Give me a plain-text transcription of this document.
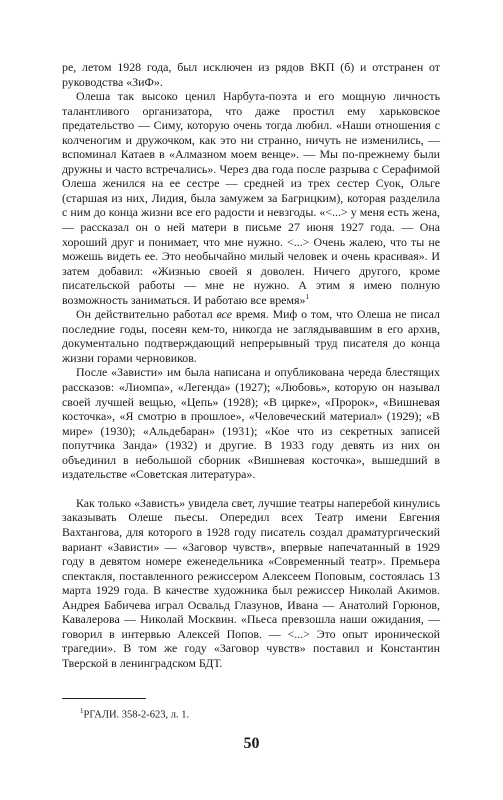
ре, летом 1928 года, был исключен из рядов ВКП (б) и отстранен от руководства «ЗиФ».

Олеша так высоко ценил Нарбута-поэта и его мощную личность талантливого организатора, что даже простил ему харьковское предательство — Симу, которую очень тогда любил. «Наши отношения с колченогим и дружочком, как это ни странно, ничуть не изменились, — вспоминал Катаев в «Алмазном моем венце». — Мы по-прежнему были дружны и часто встречались». Через два года после разрыва с Серафимой Олеша женился на ее сестре — средней из трех сестер Суок, Ольге (старшая из них, Лидия, была замужем за Багрицким), которая разделила с ним до конца жизни все его радости и невзгоды. «<...> у меня есть жена, — рассказал он о ней матери в письме 27 июня 1927 года. — Она хороший друг и понимает, что мне нужно. <...> Очень жалею, что ты не можешь видеть ее. Это необычайно милый человек и очень красивая». И затем добавил: «Жизнью своей я доволен. Ничего другого, кроме писательской работы — мне не нужно. А этим я имею полную возможность заниматься. И работаю все время»$^1$

Он действительно работал все время. Миф о том, что Олеша не писал последние годы, посеян кем-то, никогда не заглядывавшим в его архив, документально подтверждающий непрерывный труд писателя до конца жизни горами черновиков.

После «Зависти» им была написана и опубликована череда блестящих рассказов: «Лиомпа», «Легенда» (1927); «Любовь», которую он называл своей лучшей вещью, «Цепь» (1928); «В цирке», «Пророк», «Вишневая косточка», «Я смотрю в прошлое», «Человеческий материал» (1929); «В мире» (1930); «Альдебаран» (1931); «Кое что из секретных записей попутчика Занда» (1932) и другие. В 1933 году девять из них он объединил в небольшой сборник «Вишневая косточка», вышедший в издательстве «Советская литература».

Как только «Зависть» увидела свет, лучшие театры наперебой кинулись заказывать Олеше пьесы. Опередил всех Театр имени Евгения Вахтангова, для которого в 1928 году писатель создал драматургический вариант «Зависти» — «Заговор чувств», впервые напечатанный в 1929 году в девятом номере еженедельника «Современный театр». Премьера спектакля, поставленного режиссером Алексеем Поповым, состоялась 13 марта 1929 года. В качестве художника был режиссер Николай Акимов. Андрея Бабичева играл Освальд Глазунов, Ивана — Анатолий Горюнов, Кавалерова — Николай Москвин. «Пьеса превзошла наши ожидания, — говорил в интервью Алексей Попов. — <...> Это опыт иронической трагедии». В том же году «Заговор чувств» поставил и Константин Тверской в ленинградском БДТ.

$^1$РГАЛИ. 358-2-623, л. 1.

50
